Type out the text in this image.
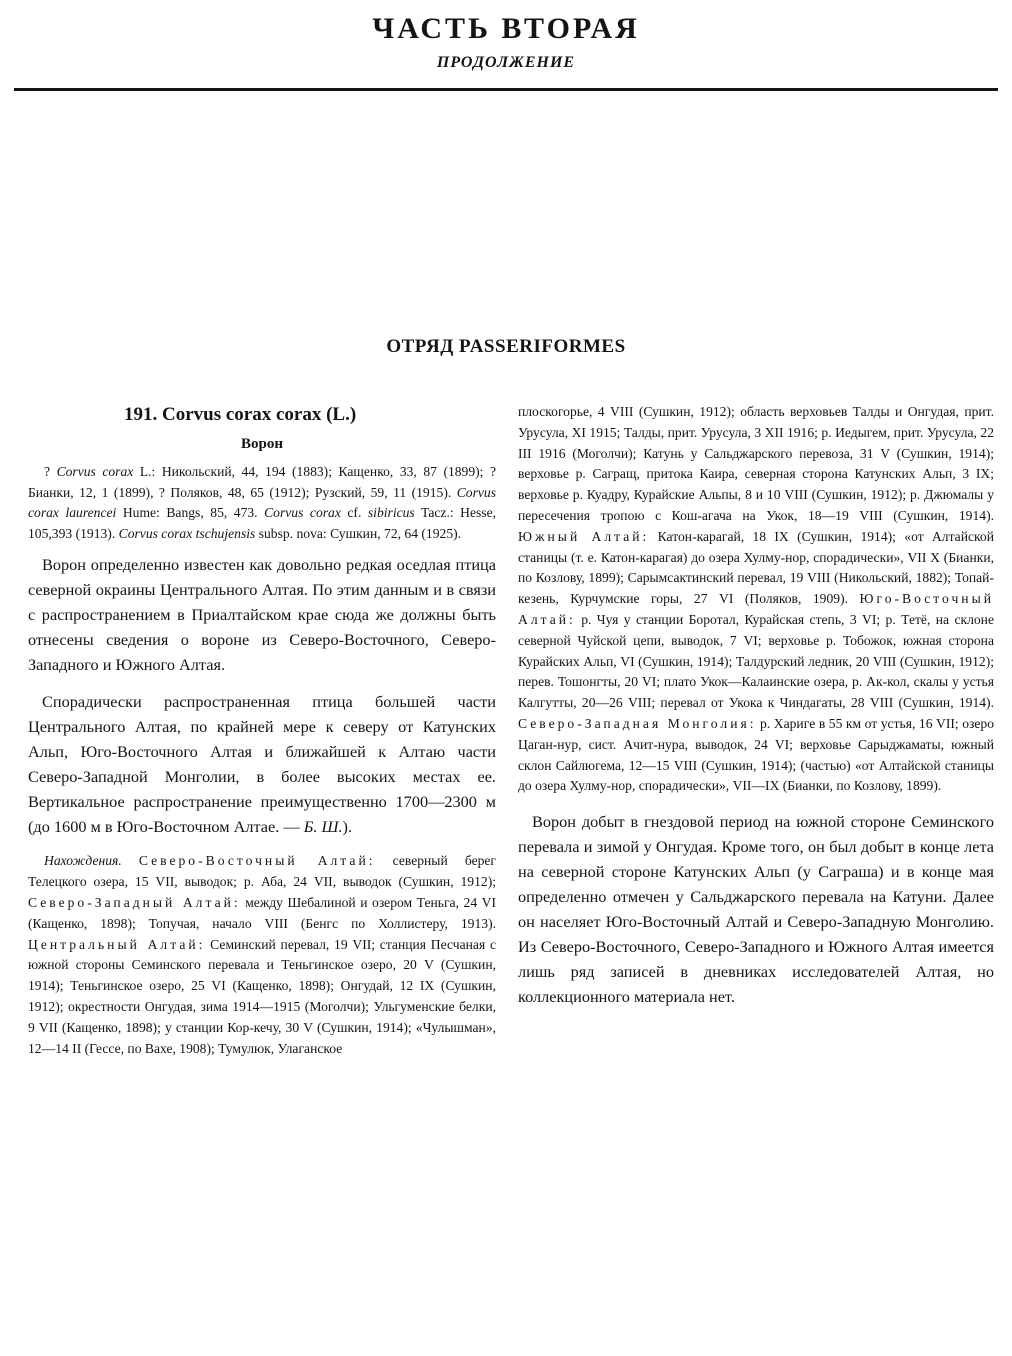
ЧАСТЬ ВТОРАЯ
ПРОДОЛЖЕНИЕ
ОТРЯД PASSERIFORMES

191. Corvus corax corax (L.)

Ворон

? Corvus corax L.: Никольский, 44, 194 (1883); Кащенко, 33, 87 (1899); ? Бианки, 12, 1 (1899), ? Поляков, 48, 65 (1912); Рузский, 59, 11 (1915). Corvus corax laurencei Hume: Bangs, 85, 473. Corvus corax cf. sibiricus Tacz.: Hesse, 105,393 (1913). Corvus corax tschujensis subsp. nova: Сушкин, 72, 64 (1925).

Ворон определенно известен как довольно редкая оседлая птица северной окраины Центрального Алтая. По этим данным и в связи с распространением в Приалтайском крае сюда же должны быть отнесены сведения о вороне из Северо-Восточного, Северо-Западного и Южного Алтая.

Спорадически распространенная птица большей части Центрального Алтая, по крайней мере к северу от Катунских Альп, Юго-Восточного Алтая и ближайшей к Алтаю части Северо-Западной Монголии, в более высоких местах ее. Вертикальное распространение преимущественно 1700—2300 м (до 1600 м в Юго-Восточном Алтае. — Б. Ш.).

Нахождения. Северо-Восточный Алтай: северный берег Телецкого озера, 15 VII, выводок; р. Аба, 24 VII, выводок (Сушкин, 1912); Северо-Западный Алтай: между Шебалиной и озером Теньга, 24 VI (Кащенко, 1898); Топучая, начало VIII (Бенгс по Холлистеру, 1913). Центральный Алтай: Семинский перевал, 19 VII; станция Песчаная с южной стороны Семинского перевала и Теньгинское озеро, 20 V (Сушкин, 1914); Теньгинское озеро, 25 VI (Кащенко, 1898); Онгудай, 12 IX (Сушкин, 1912); окрестности Онгудая, зима 1914—1915 (Моголчи); Ульгуменские белки, 9 VII (Кащенко, 1898); у станции Кор-кечу, 30 V (Сушкин, 1914); «Чулышман», 12—14 II (Гессе, по Вахе, 1908); Тумулюк, Улаганское

плоскогорье, 4 VIII (Сушкин, 1912); область верховьев Талды и Онгудая, прит. Урусула, XI 1915; Талды, прит. Урусула, 3 XII 1916; р. Иедыгем, прит. Урусула, 22 III 1916 (Моголчи); Катунь у Сальджарского перевоза, 31 V (Сушкин, 1914); верховье р. Сагращ, притока Каира, северная сторона Катунских Альп, 3 IX; верховье р. Куадру, Курайские Альпы, 8 и 10 VIII (Сушкин, 1912); р. Джюмалы у пересечения тропою с Кош-агача на Укок, 18—19 VIII (Сушкин, 1914). Южный Алтай: Катон-карагай, 18 IX (Сушкин, 1914); «от Алтайской станицы (т. е. Катон-карагая) до озера Хулму-нор, спорадически», VII X (Бианки, по Козлову, 1899); Сарымсактинский перевал, 19 VIII (Никольский, 1882); Топай-кезень, Курчумские горы, 27 VI (Поляков, 1909). Юго-Восточный Алтай: р. Чуя у станции Боротал, Курайская степь, 3 VI; р. Тетё, на склоне северной Чуйской цепи, выводок, 7 VI; верховье р. Тобожок, южная сторона Курайских Альп, VI (Сушкин, 1914); Талдурский ледник, 20 VIII (Сушкин, 1912); перев. Тошонгты, 20 VI; плато Укок—Калаинские озера, р. Ак-кол, скалы у устья Калгутты, 20—26 VIII; перевал от Укока к Чиндагаты, 28 VIII (Сушкин, 1914). Северо-Западная Монголия: р. Харигe в 55 км от устья, 16 VII; озеро Цаган-нур, сист. Ачит-нура, выводок, 24 VI; верховье Сарыджаматы, южный склон Сайлюгема, 12—15 VIII (Сушкин, 1914); (частью) «от Алтайской станицы до озера Хулму-нор, спорадически», VII—IX (Бианки, по Козлову, 1899).

Ворон добыт в гнездовой период на южной стороне Семинского перевала и зимой у Онгудая. Кроме того, он был добыт в конце лета на северной стороне Катунских Альп (у Саграша) и в конце мая определенно отмечен у Сальджарского перевала на Катуни. Далее он населяет Юго-Восточный Алтай и Северо-Западную Монголию. Из Северо-Восточного, Северо-Западного и Южного Алтая имеется лишь ряд записей в дневниках исследователей Алтая, но коллекционного материала нет.
